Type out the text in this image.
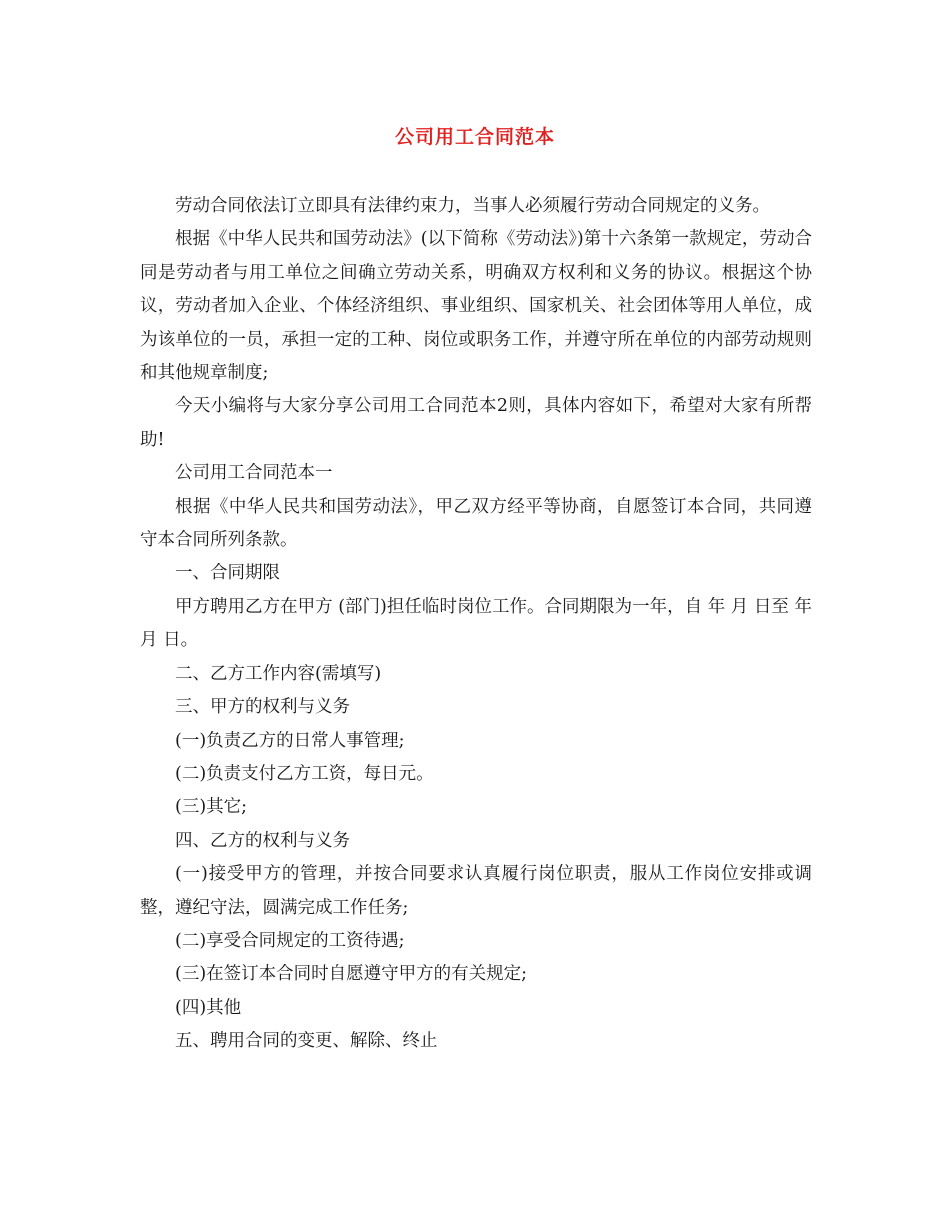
公司用工合同范本

劳动合同依法订立即具有法律约束力，当事人必须履行劳动合同规定的义务。

根据《中华人民共和国劳动法》(以下简称《劳动法》)第十六条第一款规定，劳动合同是劳动者与用工单位之间确立劳动关系，明确双方权利和义务的协议。根据这个协议，劳动者加入企业、个体经济组织、事业组织、国家机关、社会团体等用人单位，成为该单位的一员，承担一定的工种、岗位或职务工作，并遵守所在单位的内部劳动规则和其他规章制度;

今天小编将与大家分享公司用工合同范本2则，具体内容如下，希望对大家有所帮助!

公司用工合同范本一

根据《中华人民共和国劳动法》，甲乙双方经平等协商，自愿签订本合同，共同遵守本合同所列条款。

一、合同期限

甲方聘用乙方在甲方 (部门)担任临时岗位工作。合同期限为一年，自 年 月 日至 年 月 日。

二、乙方工作内容(需填写)

三、甲方的权利与义务

(一)负责乙方的日常人事管理;

(二)负责支付乙方工资，每日元。

(三)其它;

四、乙方的权利与义务

(一)接受甲方的管理，并按合同要求认真履行岗位职责，服从工作岗位安排或调整，遵纪守法，圆满完成工作任务;

(二)享受合同规定的工资待遇;

(三)在签订本合同时自愿遵守甲方的有关规定;

(四)其他

五、聘用合同的变更、解除、终止
